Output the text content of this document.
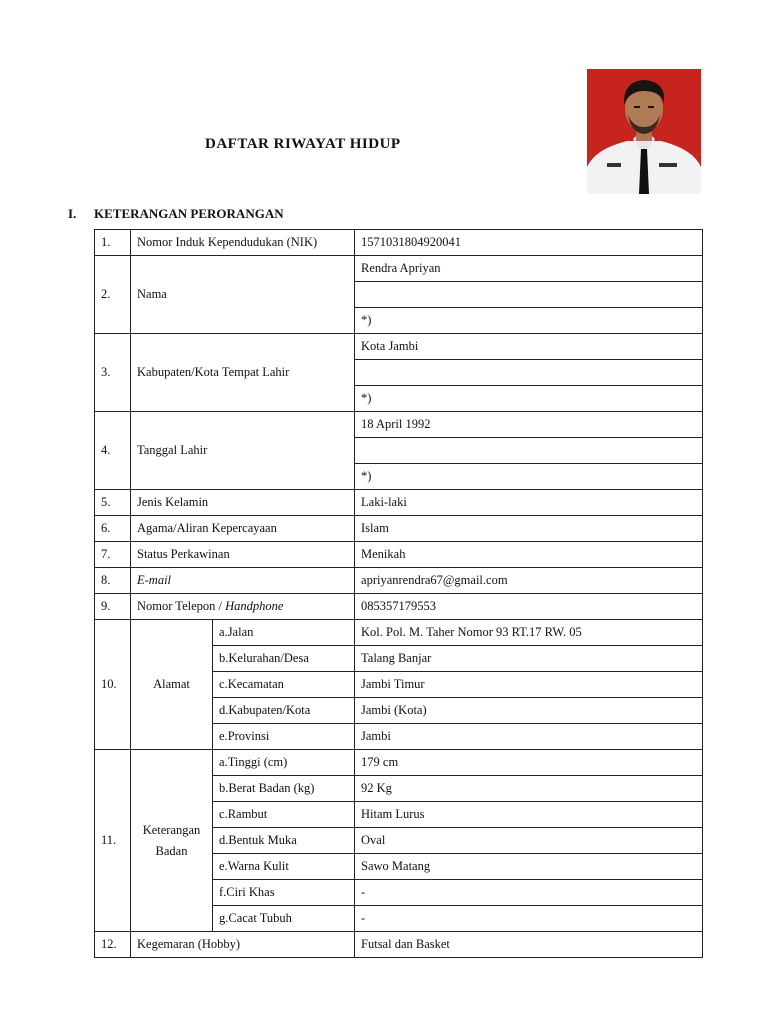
DAFTAR RIWAYAT HIDUP
I. KETERANGAN PERORANGAN
1.	Nomor Induk Kependudukan (NIK)		1571031804920041
2.	Nama		Rendra Apriyan

			*)
3.	Kabupaten/Kota Tempat Lahir		Kota Jambi

			*)
4.	Tanggal Lahir		18 April 1992

			*)
5.	Jenis Kelamin		Laki-laki
6.	Agama/Aliran Kepercayaan		Islam
7.	Status Perkawinan		Menikah
8.	E-mail		apriyanrendra67@gmail.com
9.	Nomor Telepon / Handphone		085357179553
10.	Alamat	a.Jalan	Kol. Pol. M. Taher Nomor 93 RT.17 RW. 05
		b.Kelurahan/Desa	Talang Banjar
		c.Kecamatan	Jambi Timur
		d.Kabupaten/Kota	Jambi (Kota)
		e.Provinsi	Jambi
11.	Keterangan
Badan	a.Tinggi (cm)	179 cm
		b.Berat Badan (kg)	92 Kg
		c.Rambut	Hitam Lurus
		d.Bentuk Muka	Oval
		e.Warna Kulit	Sawo Matang
		f.Ciri Khas	-
		g.Cacat Tubuh	-
12.	Kegemaran (Hobby)		Futsal dan Basket
